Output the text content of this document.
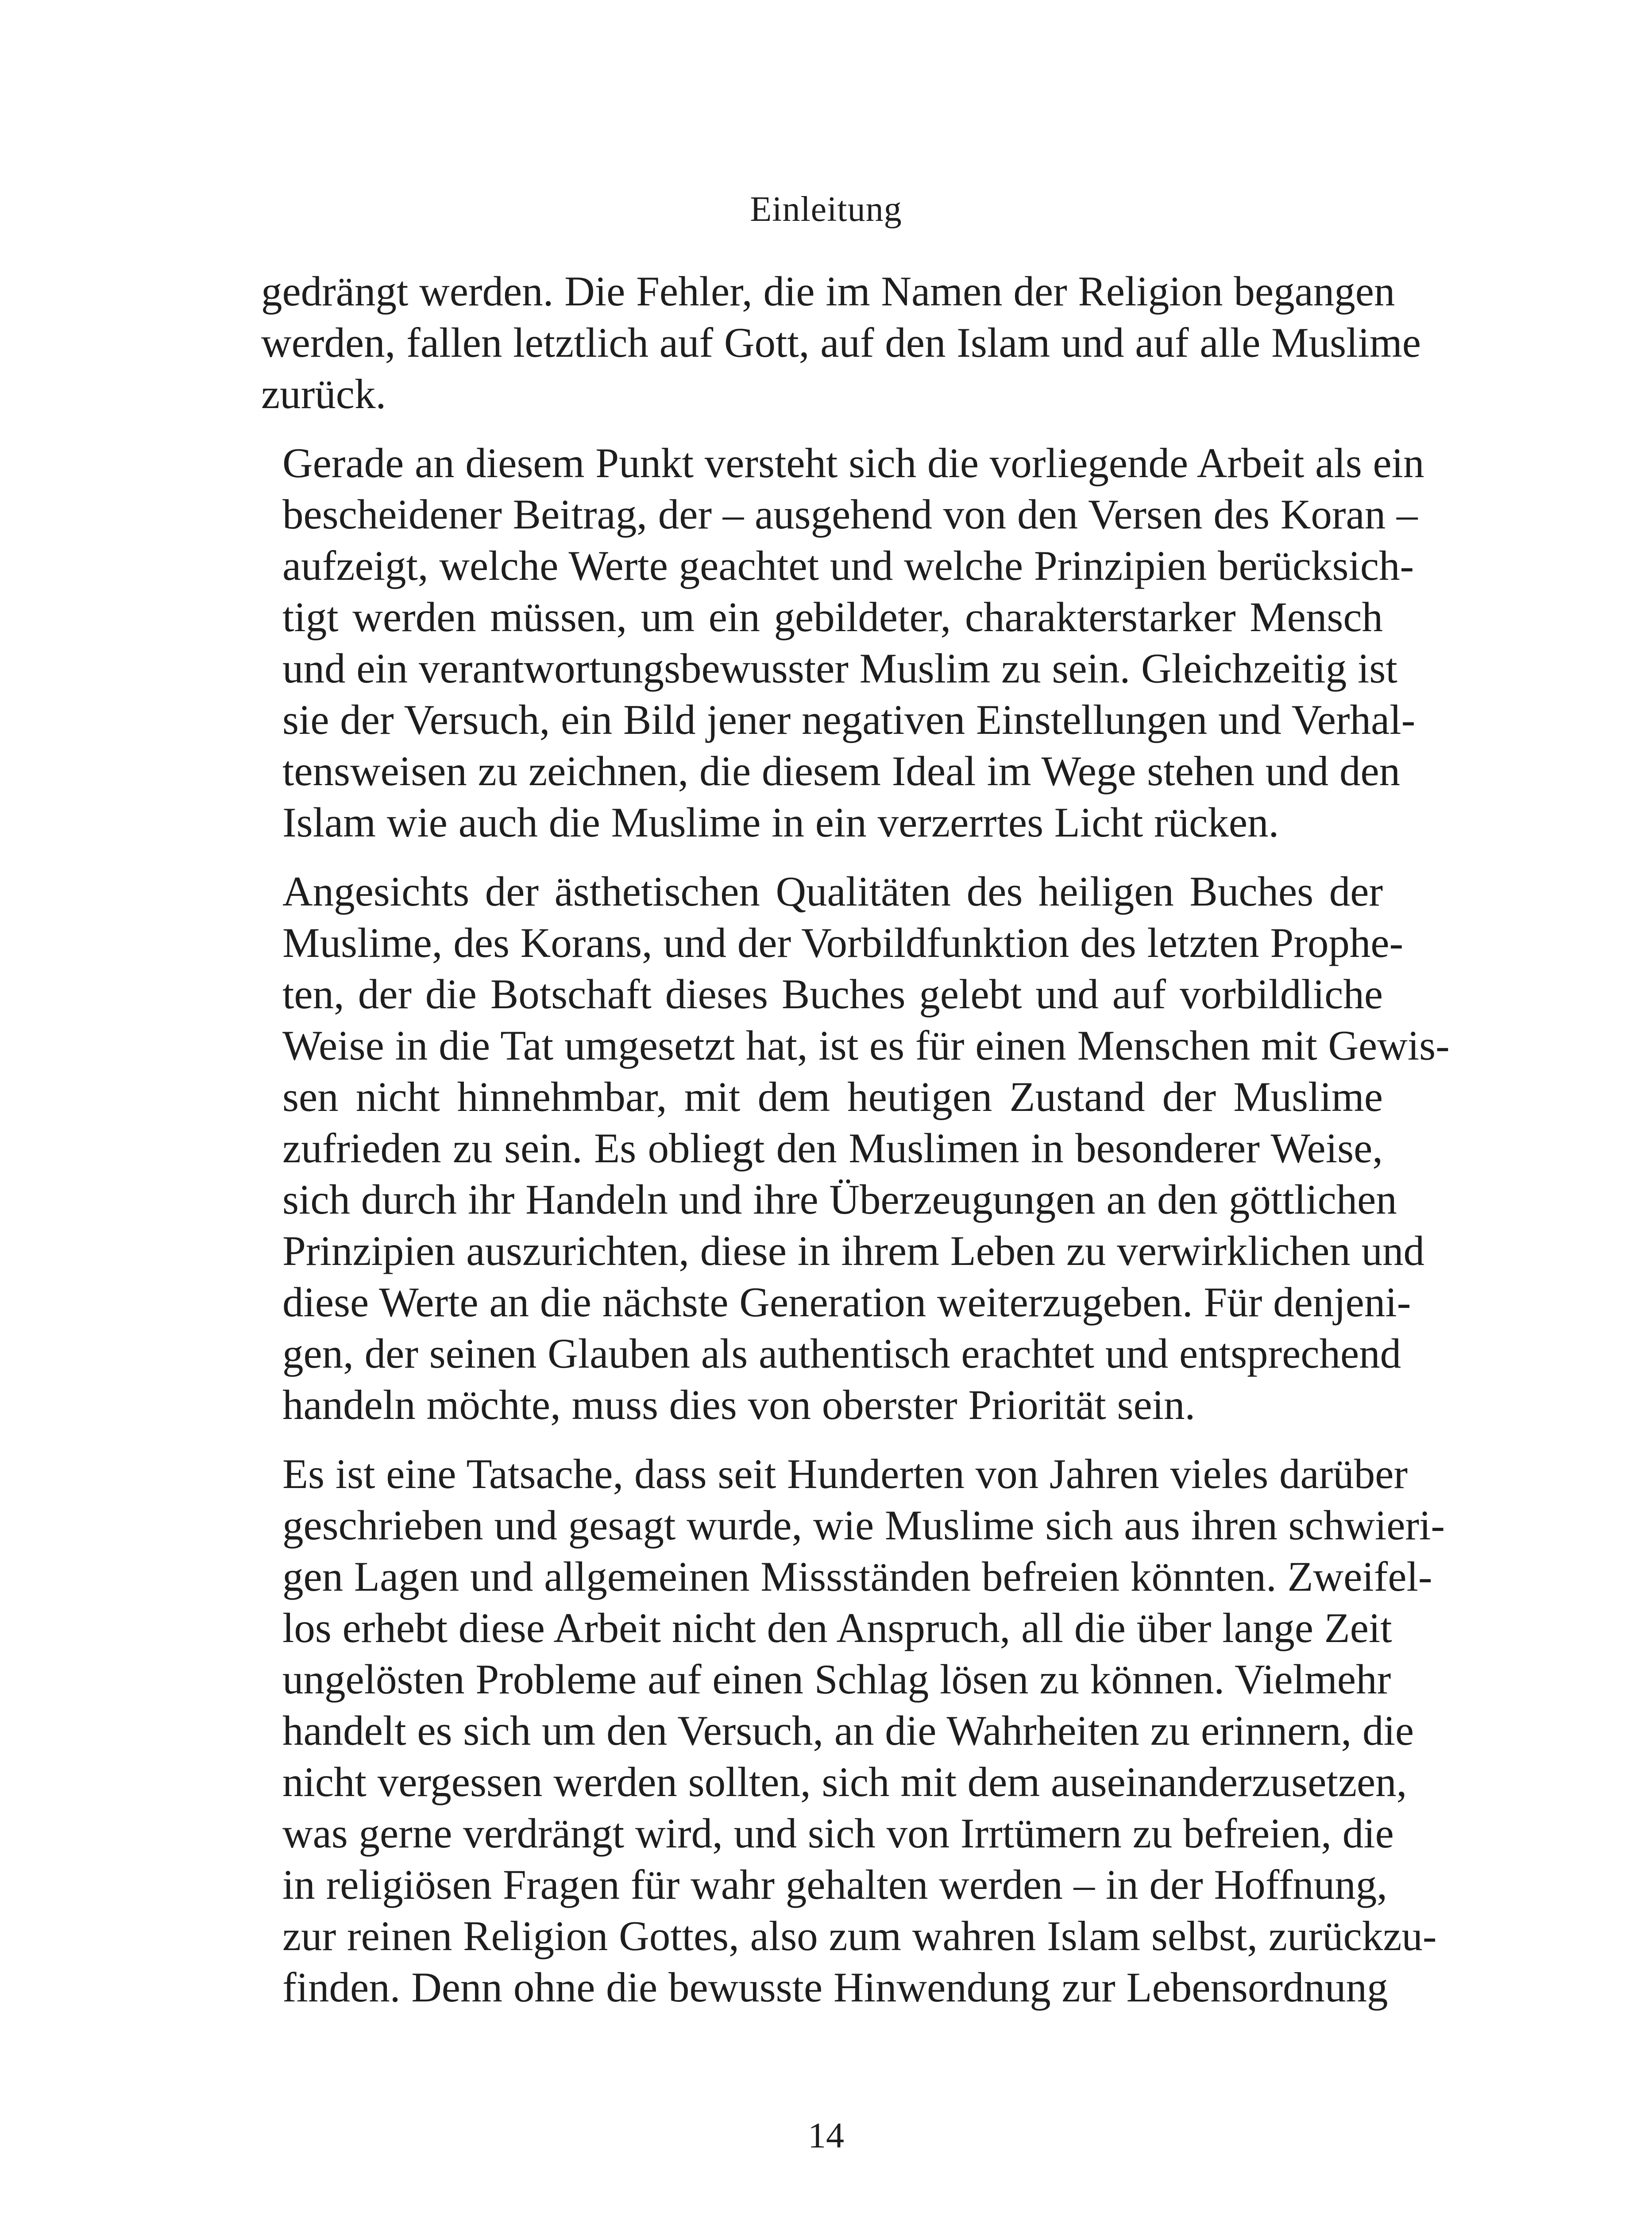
Einleitung

gedrängt werden. Die Fehler, die im Namen der Religion begangen
werden, fallen letztlich auf Gott, auf den Islam und auf alle Muslime
zurück.

Gerade an diesem Punkt versteht sich die vorliegende Arbeit als ein
bescheidener Beitrag, der – ausgehend von den Versen des Koran –
aufzeigt, welche Werte geachtet und welche Prinzipien berücksich-
tigt werden müssen, um ein gebildeter, charakterstarker Mensch
und ein verantwortungsbewusster Muslim zu sein. Gleichzeitig ist
sie der Versuch, ein Bild jener negativen Einstellungen und Verhal-
tensweisen zu zeichnen, die diesem Ideal im Wege stehen und den
Islam wie auch die Muslime in ein verzerrtes Licht rücken.

Angesichts der ästhetischen Qualitäten des heiligen Buches der
Muslime, des Korans, und der Vorbildfunktion des letzten Prophe-
ten, der die Botschaft dieses Buches gelebt und auf vorbildliche
Weise in die Tat umgesetzt hat, ist es für einen Menschen mit Gewis-
sen nicht hinnehmbar, mit dem heutigen Zustand der Muslime
zufrieden zu sein. Es obliegt den Muslimen in besonderer Weise,
sich durch ihr Handeln und ihre Überzeugungen an den göttlichen
Prinzipien auszurichten, diese in ihrem Leben zu verwirklichen und
diese Werte an die nächste Generation weiterzugeben. Für denjeni-
gen, der seinen Glauben als authentisch erachtet und entsprechend
handeln möchte, muss dies von oberster Priorität sein.

Es ist eine Tatsache, dass seit Hunderten von Jahren vieles darüber
geschrieben und gesagt wurde, wie Muslime sich aus ihren schwieri-
gen Lagen und allgemeinen Missständen befreien könnten. Zweifel-
los erhebt diese Arbeit nicht den Anspruch, all die über lange Zeit
ungelösten Probleme auf einen Schlag lösen zu können. Vielmehr
handelt es sich um den Versuch, an die Wahrheiten zu erinnern, die
nicht vergessen werden sollten, sich mit dem auseinanderzusetzen,
was gerne verdrängt wird, und sich von Irrtümern zu befreien, die
in religiösen Fragen für wahr gehalten werden – in der Hoffnung,
zur reinen Religion Gottes, also zum wahren Islam selbst, zurückzu-
finden. Denn ohne die bewusste Hinwendung zur Lebensordnung

14
